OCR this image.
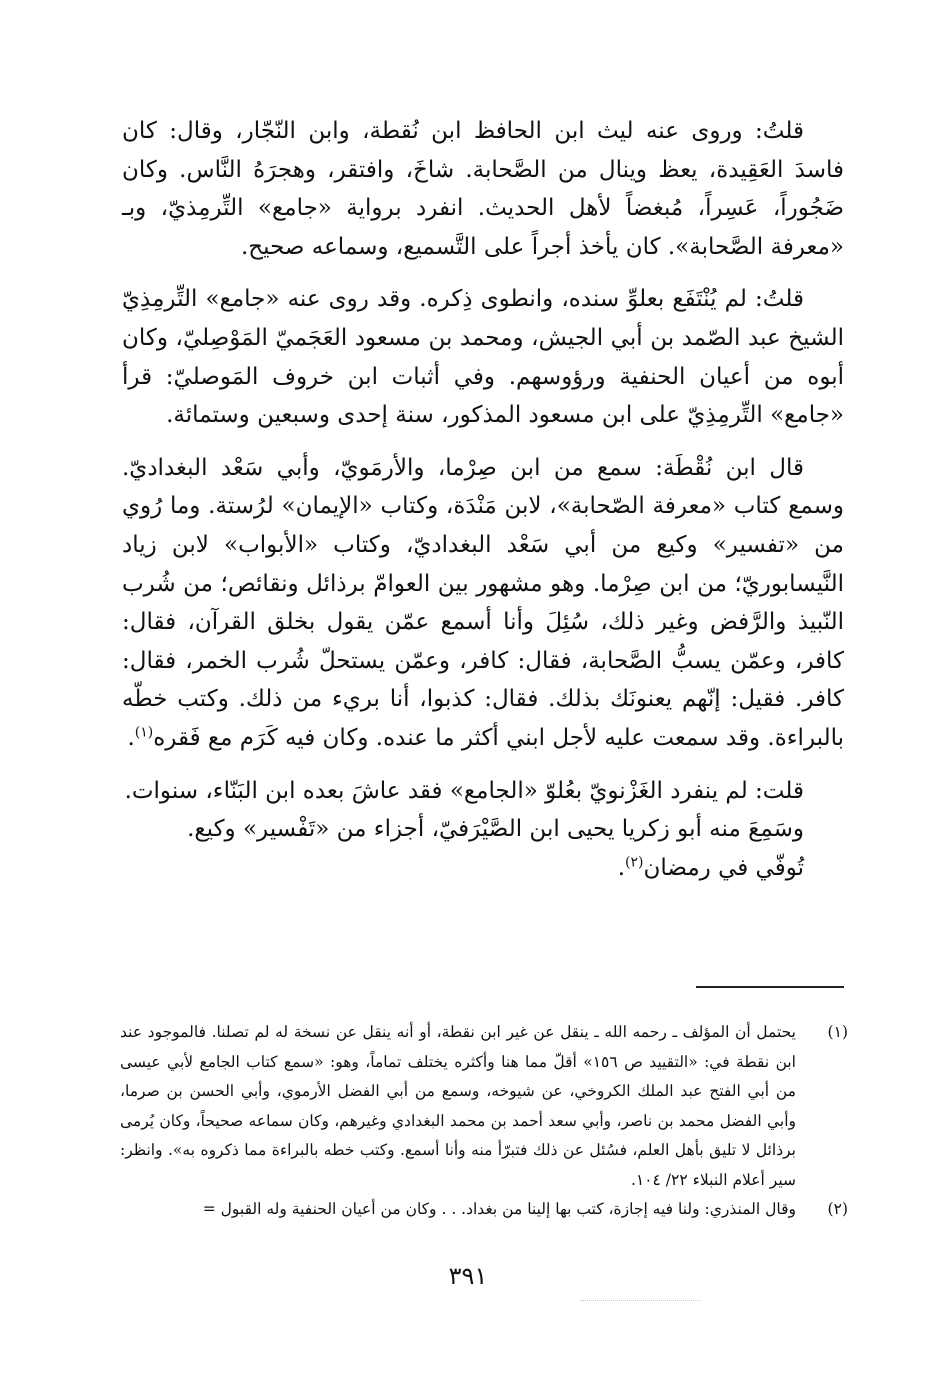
قلتُ: وروى عنه ليث ابن الحافظ ابن نُقطة، وابن النّجّار، وقال: كان فاسدَ العَقِيدة، يعظ وينال من الصَّحابة. شاخَ، وافتقر، وهجرَهُ النَّاس. وكان ضَجُوراً، عَسِراً، مُبغضاً لأهل الحديث. انفرد برواية «جامع» التِّرمِذيّ، وبـ «معرفة الصَّحابة». كان يأخذ أجراً على التَّسميع، وسماعه صحيح.

قلتُ: لم يُنْتَفَع بعلوِّ سنده، وانطوى ذِكره. وقد روى عنه «جامع» التِّرمِذِيّ الشيخ عبد الصّمد بن أبي الجيش، ومحمد بن مسعود العَجَميّ المَوْصِليّ، وكان أبوه من أعيان الحنفية ورؤوسهم. وفي أثبات ابن خروف المَوصليّ: قرأ «جامع» التِّرمِذِيّ على ابن مسعود المذكور، سنة إحدى وسبعين وستمائة.

قال ابن نُقْطَة: سمع من ابن صِرْما، والأرمَويّ، وأبي سَعْد البغداديّ. وسمع كتاب «معرفة الصّحابة»، لابن مَنْدَة، وكتاب «الإيمان» لرُستة. وما رُوي من «تفسير» وكيع من أبي سَعْد البغداديّ، وكتاب «الأبواب» لابن زياد النَّيسابوريّ؛ من ابن صِرْما. وهو مشهور بين العوامّ برذائل ونقائص؛ من شُرب النّبيذ والرَّفض وغير ذلك، سُئِلَ وأنا أسمع عمّن يقول بخلق القرآن، فقال: كافر، وعمّن يسبُّ الصَّحابة، فقال: كافر، وعمّن يستحلّ شُرب الخمر، فقال: كافر. فقيل: إنّهم يعنونَك بذلك. فقال: كذبوا، أنا بريء من ذلك. وكتب خطّه بالبراءة. وقد سمعت عليه لأجل ابني أكثر ما عنده. وكان فيه كَرَم مع فَقره$^{(١)}$.

قلت: لم ينفرد الغَزْنويّ بعُلوّ «الجامع» فقد عاشَ بعده ابن البَنّاء، سنوات.

وسَمِعَ منه أبو زكريا يحيى ابن الصَّيْرَفيّ، أجزاء من «تَفْسير» وكيع.

تُوفّي في رمضان$^{(٢)}$.

(١)
يحتمل أن المؤلف ـ رحمه الله ـ ينقل عن غير ابن نقطة، أو أنه ينقل عن نسخة له لم تصلنا. فالموجود عند ابن نقطة في: «التقييد ص ١٥٦» أقلّ مما هنا وأكثره يختلف تماماً، وهو: «سمع كتاب الجامع لأبي عيسى من أبي الفتح عبد الملك الكروخي، عن شيوخه، وسمع من أبي الفضل الأرموي، وأبي الحسن بن صرما، وأبي الفضل محمد بن ناصر، وأبي سعد أحمد بن محمد البغدادي وغيرهم، وكان سماعه صحيحاً، وكان يُرمى برذائل لا تليق بأهل العلم، فسُئل عن ذلك فتبرّأ منه وأنا أسمع. وكتب خطه بالبراءة مما ذكروه به». وانظر: سير أعلام النبلاء ٢٢/ ١٠٤.

(٢)
وقال المنذري: ولنا فيه إجازة، كتب بها إلينا من بغداد. . . وكان من أعيان الحنفية وله القبول =

٣٩١
